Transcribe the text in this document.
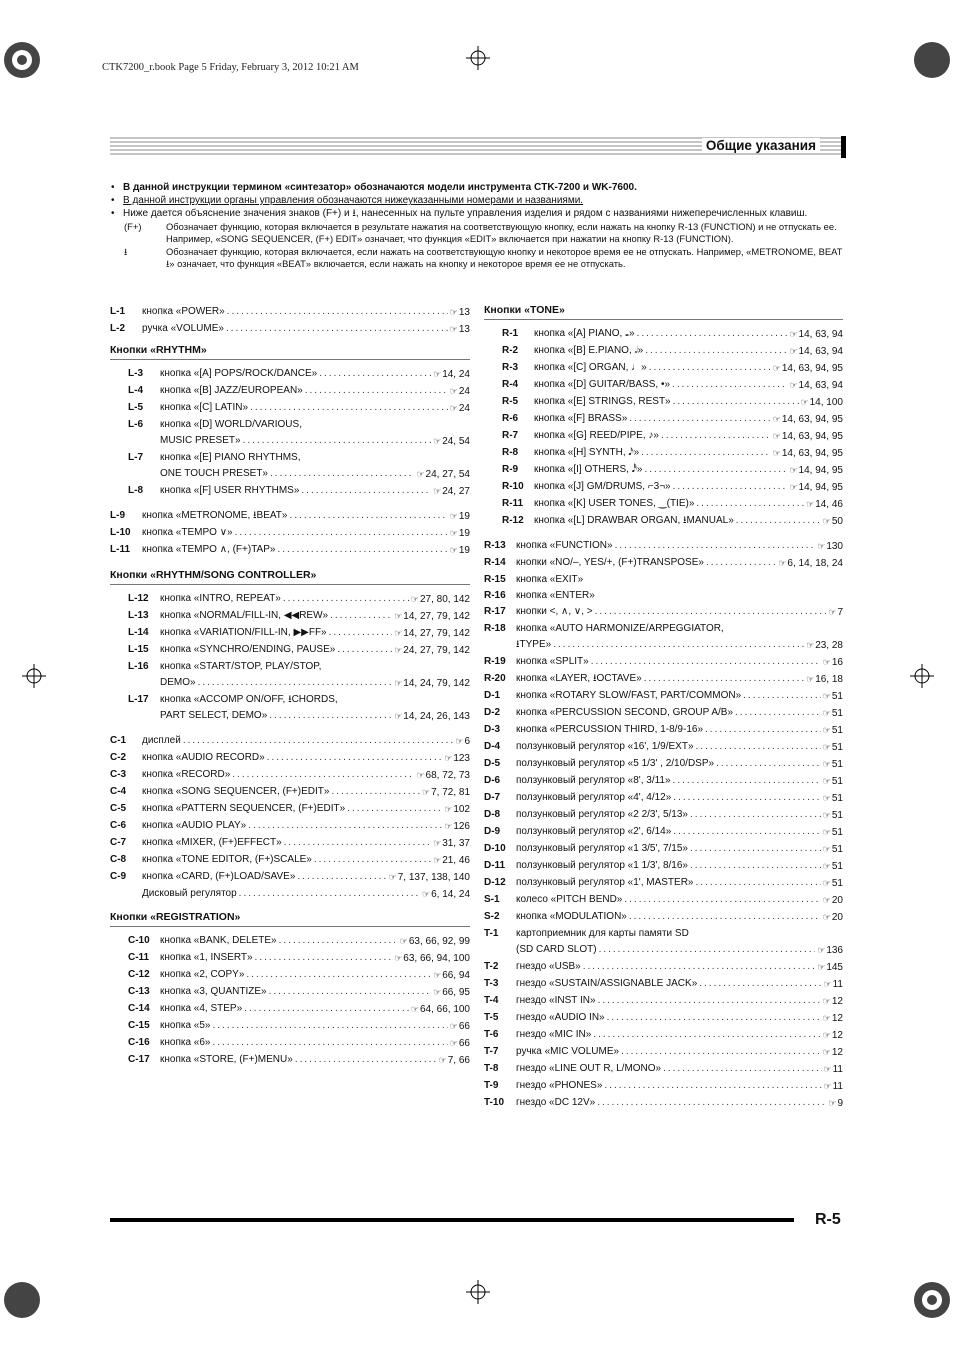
CTK7200_r.book Page 5 Friday, February 3, 2012 10:21 AM
Общие указания
• В данной инструкции термином «синтезатор» обозначаются модели инструмента CTK-7200 и WK-7600.
• В данной инструкции органы управления обозначаются нижеуказанными номерами и названиями.
• Ниже дается объяснение значения знаков (F+) и ⭳, нанесенных на пульте управления изделия и рядом с названиями нижеперечисленных клавиш.
(F+)	Обозначает функцию, которая включается в результате нажатия на соответствующую кнопку, если нажать на кнопку R-13 (FUNCTION) и не отпускать ее. Например, «SONG SEQUENCER, (F+) EDIT» означает, что функция «EDIT» включается при нажатии на кнопку R-13 (FUNCTION).
⭳	Обозначает функцию, которая включается, если нажать на соответствующую кнопку и некоторое время ее не отпускать. Например, «METRONOME, BEAT ⭳» означает, что функция «BEAT» включается, если нажать на кнопку и некоторое время ее не отпускать.
L-1	кнопка «POWER» .....	☞ 13
L-2	ручка «VOLUME» .....	☞ 13
Кнопки «RHYTHM»
L-3	кнопка «[A] POPS/ROCK/DANCE» .....	☞ 14, 24
L-4	кнопка «[B] JAZZ/EUROPEAN» .....	☞ 24
L-5	кнопка «[C] LATIN» .....	☞ 24
L-6	кнопка «[D] WORLD/VARIOUS,
MUSIC PRESET» .....	☞ 24, 54
L-7	кнопка «[E] PIANO RHYTHMS,
ONE TOUCH PRESET» .....	☞ 24, 27, 54
L-8	кнопка «[F] USER RHYTHMS» .....	☞ 24, 27
L-9	кнопка «METRONOME, ⭳BEAT» .....	☞ 19
L-10	кнопка «TEMPO ∨» .....	☞ 19
L-11	кнопка «TEMPO ∧, (F+)TAP» .....	☞ 19
Кнопки «RHYTHM/SONG CONTROLLER»
L-12	кнопка «INTRO, REPEAT» .....	☞ 27, 80, 142
L-13	кнопка «NORMAL/FILL-IN, ◀◀REW» .....	☞ 14, 27, 79, 142
L-14	кнопка «VARIATION/FILL-IN, ▶▶FF» .....	☞ 14, 27, 79, 142
L-15	кнопка «SYNCHRO/ENDING, PAUSE» .....	☞ 24, 27, 79, 142
L-16	кнопка «START/STOP, PLAY/STOP,
DEMO» .....	☞ 14, 24, 79, 142
L-17	кнопка «ACCOMP ON/OFF, ⭳CHORDS,
PART SELECT, DEMO» .....	☞ 14, 24, 26, 143
C-1	дисплей .....	☞ 6
C-2	кнопка «AUDIO RECORD» .....	☞ 123
C-3	кнопка «RECORD» .....	☞ 68, 72, 73
C-4	кнопка «SONG SEQUENCER, (F+)EDIT» .....	☞ 7, 72, 81
C-5	кнопка «PATTERN SEQUENCER, (F+)EDIT» .....	☞ 102
C-6	кнопка «AUDIO PLAY» .....	☞ 126
C-7	кнопка «MIXER, (F+)EFFECT» .....	☞ 31, 37
C-8	кнопка «TONE EDITOR, (F+)SCALE» .....	☞ 21, 46
C-9	кнопка «CARD, (F+)LOAD/SAVE» .....	☞ 7, 137, 138, 140
Дисковый регулятор .....	☞ 6, 14, 24
Кнопки «REGISTRATION»
C-10	кнопка «BANK, DELETE» .....	☞ 63, 66, 92, 99
C-11	кнопка «1, INSERT» .....	☞ 63, 66, 94, 100
C-12	кнопка «2, COPY» .....	☞ 66, 94
C-13	кнопка «3, QUANTIZE» .....	☞ 66, 95
C-14	кнопка «4, STEP» .....	☞ 64, 66, 100
C-15	кнопка «5» .....	☞ 66
C-16	кнопка «6» .....	☞ 66
C-17	кнопка «STORE, (F+)MENU» .....	☞ 7, 66
Кнопки «TONE»
R-1	кнопка «[A] PIANO, 𝅝» .....	☞ 14, 63, 94
R-2	кнопка «[B] E.PIANO, 𝅗𝅥» .....	☞ 14, 63, 94
R-3	кнопка «[C] ORGAN, ♩» .....	☞ 14, 63, 94, 95
R-4	кнопка «[D] GUITAR/BASS, •» .....	☞ 14, 63, 94
R-5	кнопка «[E] STRINGS, REST» .....	☞ 14, 100
R-6	кнопка «[F] BRASS» .....	☞ 14, 63, 94, 95
R-7	кнопка «[G] REED/PIPE, ♪» .....	☞ 14, 63, 94, 95
R-8	кнопка «[H] SYNTH, 𝅘𝅥𝅯» .....	☞ 14, 63, 94, 95
R-9	кнопка «[I] OTHERS, 𝅘𝅥𝅰» .....	☞ 14, 94, 95
R-10	кнопка «[J] GM/DRUMS, ⌐3¬» .....	☞ 14, 94, 95
R-11	кнопка «[K] USER TONES, ‿(TIE)» .....	☞ 14, 46
R-12	кнопка «[L] DRAWBAR ORGAN, ⭳MANUAL» .....	☞ 50
R-13	кнопка «FUNCTION» .....	☞ 130
R-14	кнопки «NO/–, YES/+, (F+)TRANSPOSE» .....	☞ 6, 14, 18, 24
R-15	кнопка «EXIT»
R-16	кнопка «ENTER»
R-17	кнопки <, ∧, ∨, > .....	☞ 7
R-18	кнопка «AUTO HARMONIZE/ARPEGGIATOR,
⭳TYPE» .....	☞ 23, 28
R-19	кнопка «SPLIT» .....	☞ 16
R-20	кнопка «LAYER, ⭳OCTAVE» .....	☞ 16, 18
D-1	кнопка «ROTARY SLOW/FAST, PART/COMMON» .....	☞ 51
D-2	кнопка «PERCUSSION SECOND, GROUP A/B» .....	☞ 51
D-3	кнопка «PERCUSSION THIRD, 1-8/9-16» .....	☞ 51
D-4	ползунковый регулятор «16', 1/9/EXT» .....	☞ 51
D-5	ползунковый регулятор «5 1/3' , 2/10/DSP» .....	☞ 51
D-6	ползунковый регулятор «8', 3/11» .....	☞ 51
D-7	ползунковый регулятор «4', 4/12» .....	☞ 51
D-8	ползунковый регулятор «2 2/3', 5/13» .....	☞ 51
D-9	ползунковый регулятор «2', 6/14» .....	☞ 51
D-10	ползунковый регулятор «1 3/5', 7/15» .....	☞ 51
D-11	ползунковый регулятор «1 1/3', 8/16» .....	☞ 51
D-12	ползунковый регулятор «1', MASTER» .....	☞ 51
S-1	колесо «PITCH BEND» .....	☞ 20
S-2	кнопка «MODULATION» .....	☞ 20
T-1	картоприемник для карты памяти SD
(SD CARD SLOT) .....	☞ 136
T-2	гнездо «USB» .....	☞ 145
T-3	гнездо «SUSTAIN/ASSIGNABLE JACK» .....	☞ 11
T-4	гнездо «INST IN» .....	☞ 12
T-5	гнездо «AUDIO IN» .....	☞ 12
T-6	гнездо «MIC IN» .....	☞ 12
T-7	ручка «MIC VOLUME» .....	☞ 12
T-8	гнездо «LINE OUT R, L/MONO» .....	☞ 11
T-9	гнездо «PHONES» .....	☞ 11
T-10	гнездо «DC 12V» .....	☞ 9
R-5
